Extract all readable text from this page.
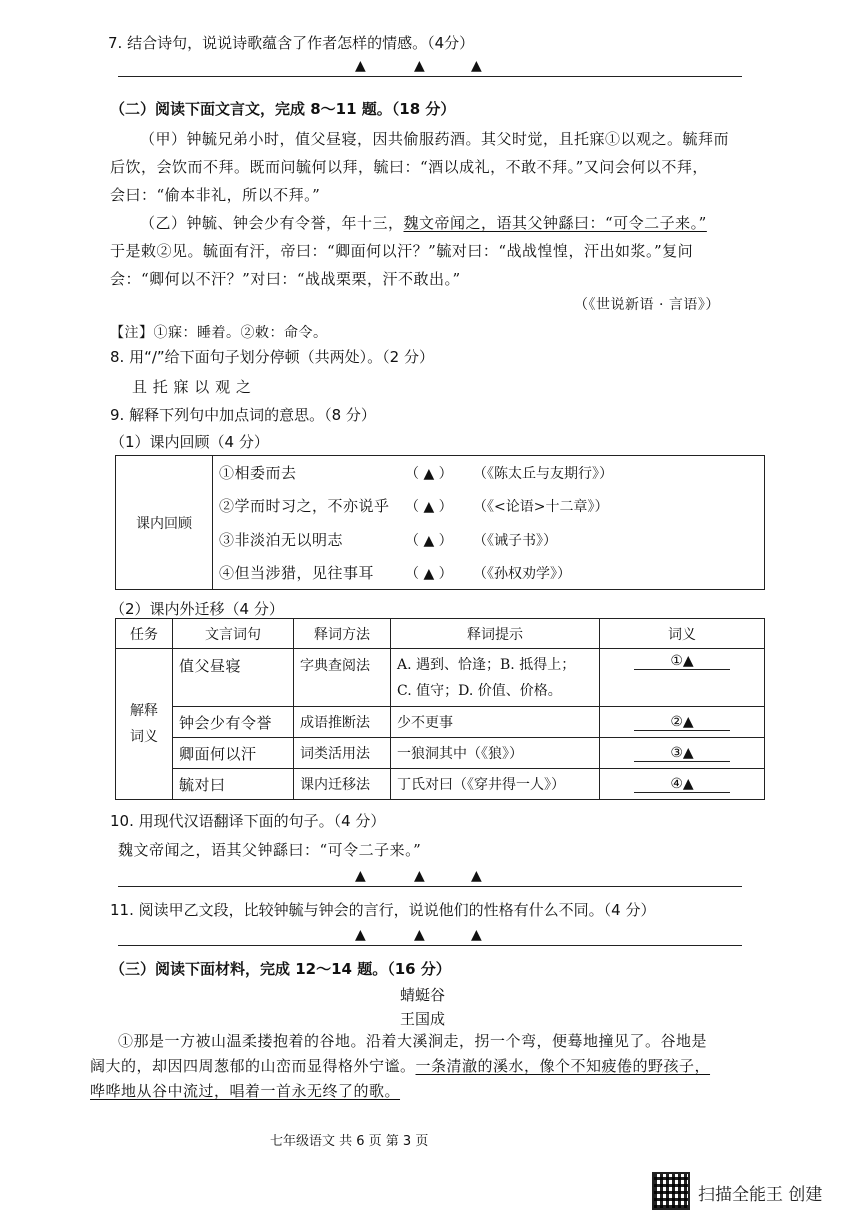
7. 结合诗句，说说诗歌蕴含了作者怎样的情感。（4分）
▲	▲	▲
（二）阅读下面文言文，完成 8～11 题。（18 分）
（甲）钟毓兄弟小时，值父昼寝，因共偷服药酒。其父时觉，且托寐①以观之。毓拜而
后饮，会饮而不拜。既而问毓何以拜，毓曰：“酒以成礼，不敢不拜。”又问会何以不拜，
会曰：“偷本非礼，所以不拜。”
（乙）钟毓、钟会少有令誉，年十三，魏文帝闻之，语其父钟繇曰：“可令二子来。”
于是敕②见。毓面有汗，帝曰：“卿面何以汗？”毓对曰：“战战惶惶，汗出如浆。”复问
会：“卿何以不汗？”对曰：“战战栗栗，汗不敢出。”
（《世说新语 · 言语》）
【注】①寐：睡着。②敕：命令。
8. 用“/”给下面句子划分停顿（共两处）。（2 分）
且 托 寐 以 观 之
9. 解释下列句中加点词的意思。（8 分）
（1）课内回顾（4 分）
课内回顾	①相委而去	（ ▲ ） （《陈太丘与友期行》）
②学而时习之，不亦说乎 （ ▲ ） （《<论语>十二章》）
③非淡泊无以明志	（ ▲ ） （《诫子书》）
④但当涉猎，见往事耳 （ ▲ ） （《孙权劝学》）
（2）课内外迁移（4 分）
任务	文言词句	释词方法	释词提示	词义
解释词义	值父昼寝	字典查阅法	A. 遇到、恰逢；B. 抵得上；
C. 值守；D. 价值、价格。	①▲
	钟会少有令誉	成语推断法	少不更事	②▲
	卿面何以汗	词类活用法	一狼洞其中（《狼》）	③▲
	毓对曰	课内迁移法	丁氏对曰（《穿井得一人》）	④▲
10. 用现代汉语翻译下面的句子。（4 分）
魏文帝闻之，语其父钟繇曰：“可令二子来。”
▲	▲	▲
11. 阅读甲乙文段，比较钟毓与钟会的言行，说说他们的性格有什么不同。（4 分）
▲	▲	▲
（三）阅读下面材料，完成 12～14 题。（16 分）
蜻蜓谷
王国成
①那是一方被山温柔搂抱着的谷地。沿着大溪涧走，拐一个弯，便蓦地撞见了。谷地是
阔大的，却因四周葱郁的山峦而显得格外宁谧。一条清澈的溪水，像个不知疲倦的野孩子，
哗哗地从谷中流过，唱着一首永无终了的歌。
七年级语文 共 6 页 第 3 页
扫描全能王 创建
